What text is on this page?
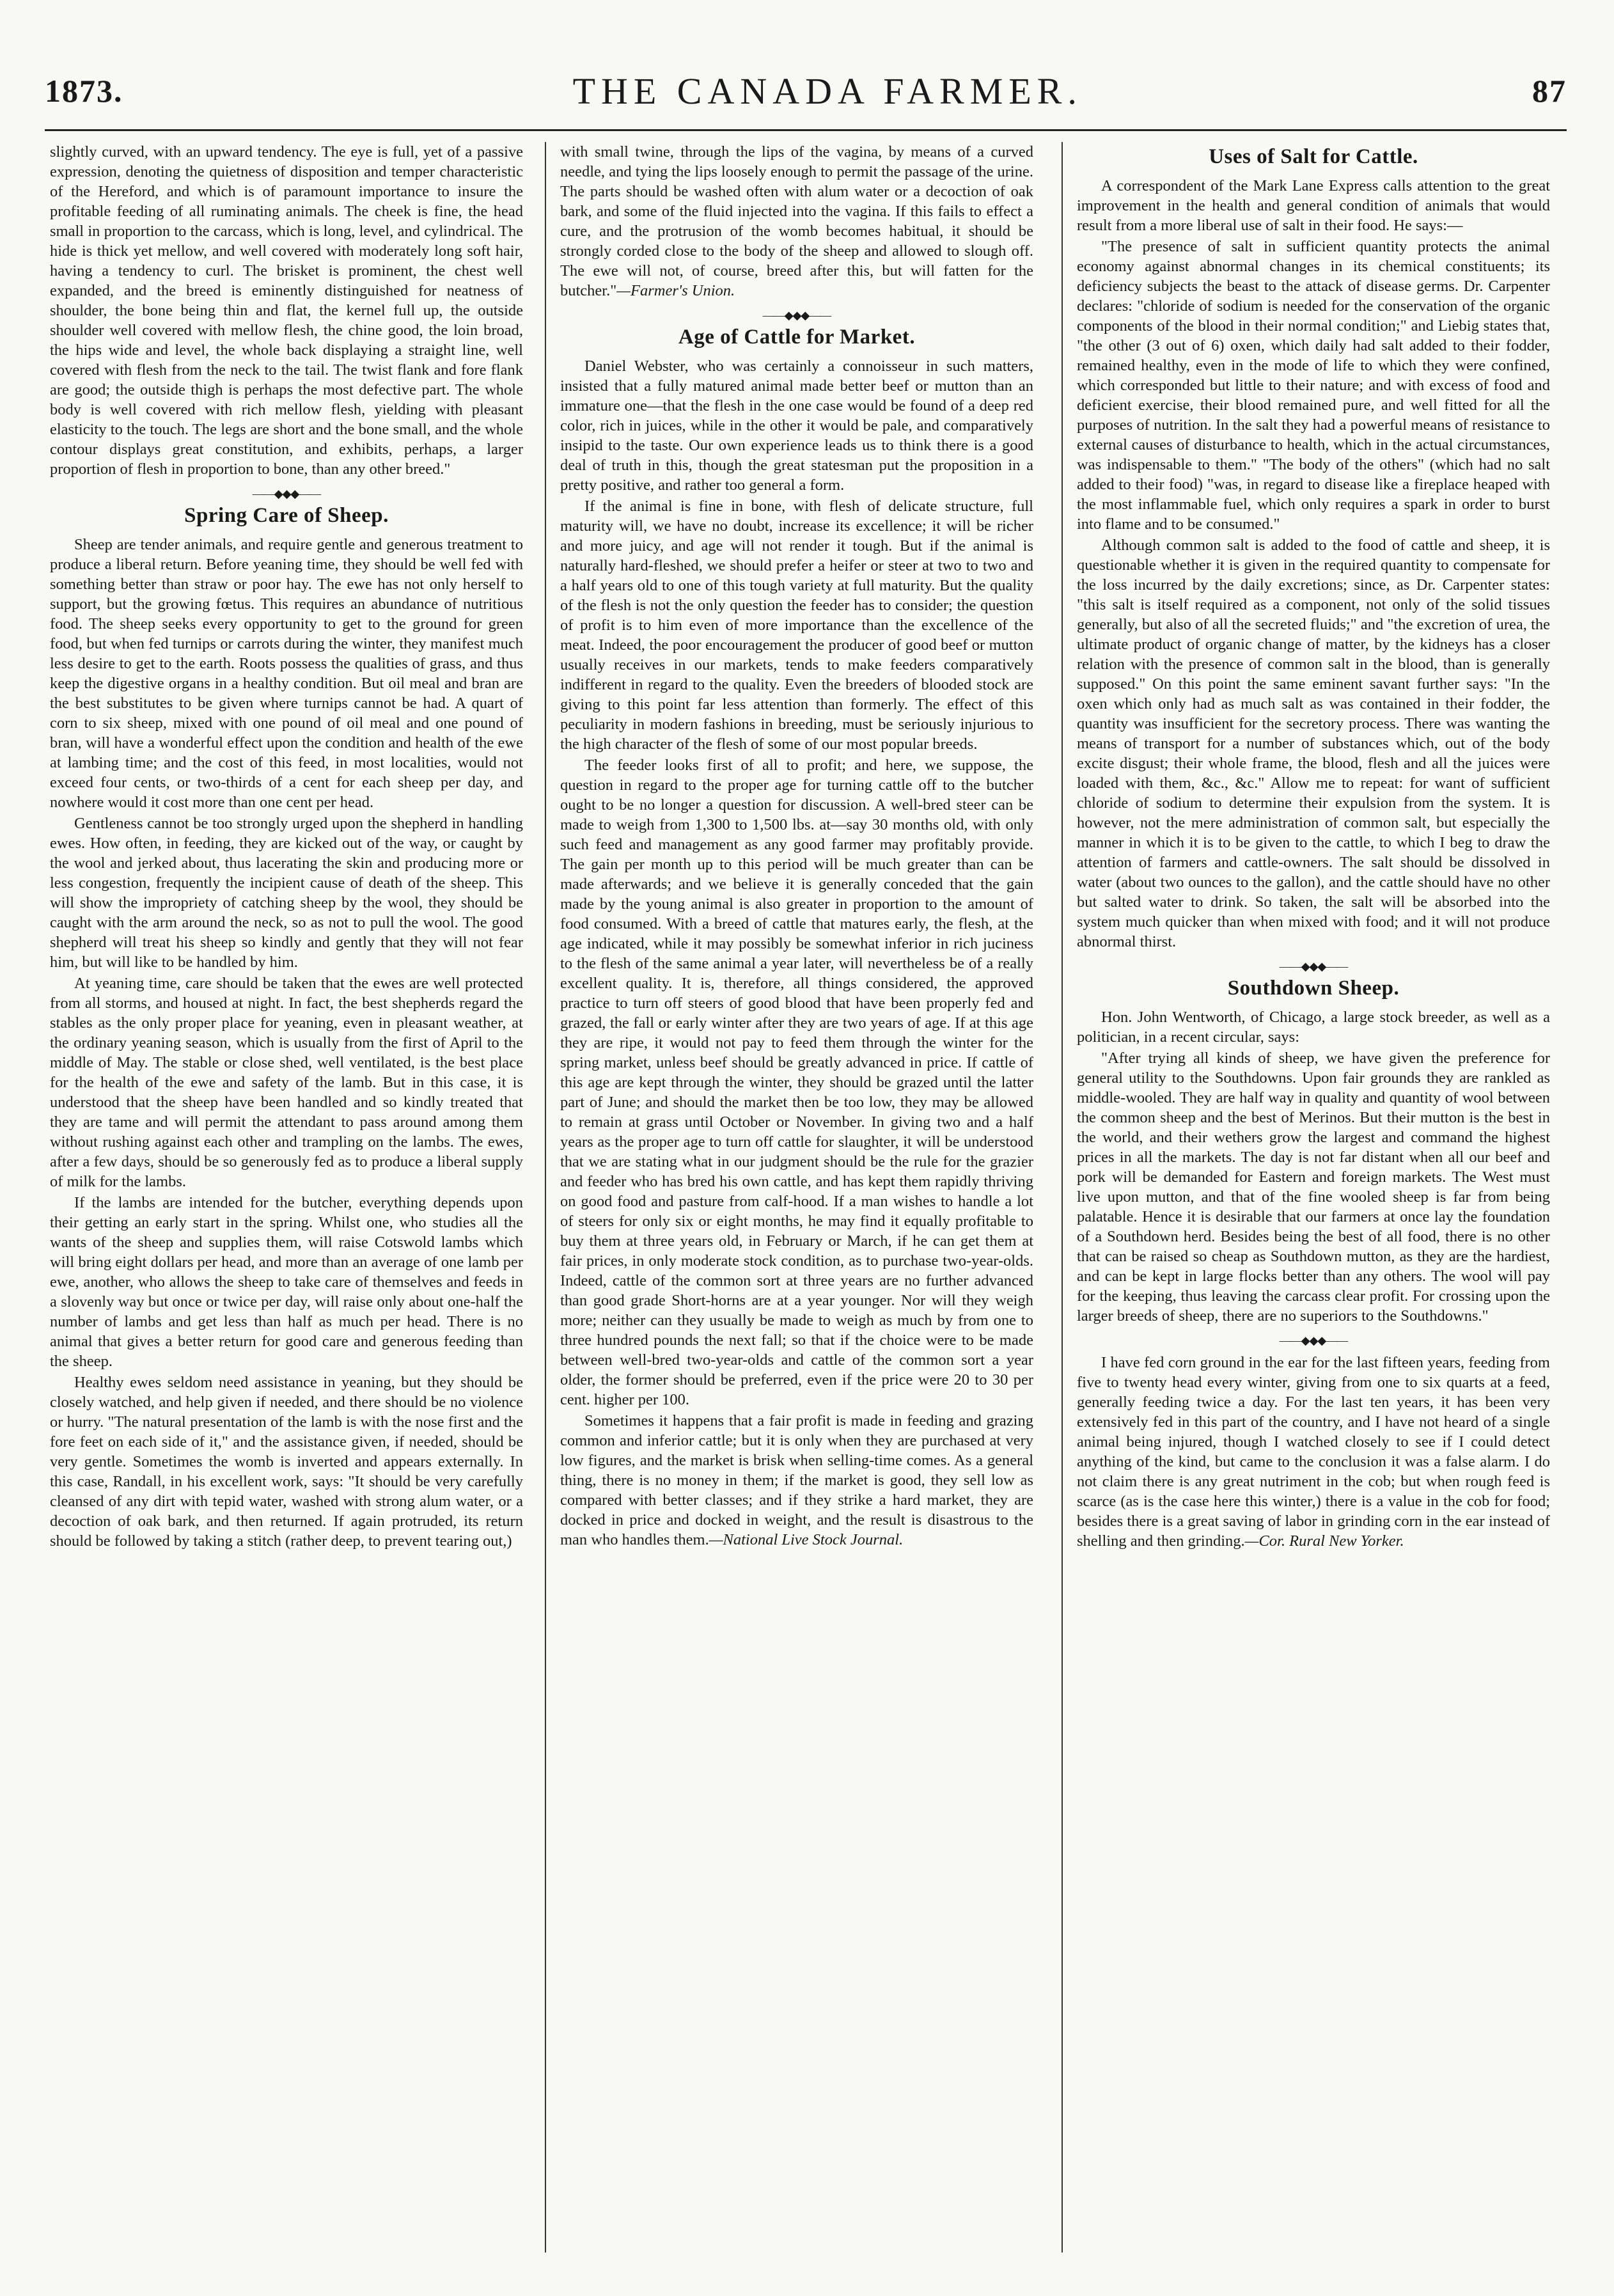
1873.	THE CANADA FARMER.	87

slightly curved, with an upward tendency. The eye is full, yet of a passive expression, denoting the quietness of disposition and temper characteristic of the Hereford, and which is of paramount importance to insure the profitable feeding of all ruminating animals. The cheek is fine, the head small in proportion to the carcass, which is long, level, and cylindrical. The hide is thick yet mellow, and well covered with moderately long soft hair, having a tendency to curl. The brisket is prominent, the chest well expanded, and the breed is eminently distinguished for neatness of shoulder, the bone being thin and flat, the kernel full up, the outside shoulder well covered with mellow flesh, the chine good, the loin broad, the hips wide and level, the whole back displaying a straight line, well covered with flesh from the neck to the tail. The twist flank and fore flank are good; the outside thigh is perhaps the most defective part. The whole body is well covered with rich mellow flesh, yielding with pleasant elasticity to the touch. The legs are short and the bone small, and the whole contour displays great constitution, and exhibits, perhaps, a larger proportion of flesh in proportion to bone, than any other breed."

——◆◆◆——
Spring Care of Sheep.

Sheep are tender animals, and require gentle and generous treatment to produce a liberal return. Before yeaning time, they should be well fed with something better than straw or poor hay. The ewe has not only herself to support, but the growing fœtus. This requires an abundance of nutritious food. The sheep seeks every opportunity to get to the ground for green food, but when fed turnips or carrots during the winter, they manifest much less desire to get to the earth. Roots possess the qualities of grass, and thus keep the digestive organs in a healthy condition. But oil meal and bran are the best substitutes to be given where turnips cannot be had. A quart of corn to six sheep, mixed with one pound of oil meal and one pound of bran, will have a wonderful effect upon the condition and health of the ewe at lambing time; and the cost of this feed, in most localities, would not exceed four cents, or two-thirds of a cent for each sheep per day, and nowhere would it cost more than one cent per head.

Gentleness cannot be too strongly urged upon the shepherd in handling ewes. How often, in feeding, they are kicked out of the way, or caught by the wool and jerked about, thus lacerating the skin and producing more or less congestion, frequently the incipient cause of death of the sheep. This will show the impropriety of catching sheep by the wool, they should be caught with the arm around the neck, so as not to pull the wool. The good shepherd will treat his sheep so kindly and gently that they will not fear him, but will like to be handled by him.

At yeaning time, care should be taken that the ewes are well protected from all storms, and housed at night. In fact, the best shepherds regard the stables as the only proper place for yeaning, even in pleasant weather, at the ordinary yeaning season, which is usually from the first of April to the middle of May. The stable or close shed, well ventilated, is the best place for the health of the ewe and safety of the lamb. But in this case, it is understood that the sheep have been handled and so kindly treated that they are tame and will permit the attendant to pass around among them without rushing against each other and trampling on the lambs. The ewes, after a few days, should be so generously fed as to produce a liberal supply of milk for the lambs.

If the lambs are intended for the butcher, everything depends upon their getting an early start in the spring. Whilst one, who studies all the wants of the sheep and supplies them, will raise Cotswold lambs which will bring eight dollars per head, and more than an average of one lamb per ewe, another, who allows the sheep to take care of themselves and feeds in a slovenly way but once or twice per day, will raise only about one-half the number of lambs and get less than half as much per head. There is no animal that gives a better return for good care and generous feeding than the sheep.

Healthy ewes seldom need assistance in yeaning, but they should be closely watched, and help given if needed, and there should be no violence or hurry. "The natural presentation of the lamb is with the nose first and the fore feet on each side of it," and the assistance given, if needed, should be very gentle. Sometimes the womb is inverted and appears externally. In this case, Randall, in his excellent work, says: "It should be very carefully cleansed of any dirt with tepid water, washed with strong alum water, or a decoction of oak bark, and then returned. If again protruded, its return should be followed by taking a stitch (rather deep, to prevent tearing out,)

with small twine, through the lips of the vagina, by means of a curved needle, and tying the lips loosely enough to permit the passage of the urine. The parts should be washed often with alum water or a decoction of oak bark, and some of the fluid injected into the vagina. If this fails to effect a cure, and the protrusion of the womb becomes habitual, it should be strongly corded close to the body of the sheep and allowed to slough off. The ewe will not, of course, breed after this, but will fatten for the butcher."—Farmer's Union.

——◆◆◆——
Age of Cattle for Market.

Daniel Webster, who was certainly a connoisseur in such matters, insisted that a fully matured animal made better beef or mutton than an immature one—that the flesh in the one case would be found of a deep red color, rich in juices, while in the other it would be pale, and comparatively insipid to the taste. Our own experience leads us to think there is a good deal of truth in this, though the great statesman put the proposition in a pretty positive, and rather too general a form.

If the animal is fine in bone, with flesh of delicate structure, full maturity will, we have no doubt, increase its excellence; it will be richer and more juicy, and age will not render it tough. But if the animal is naturally hard-fleshed, we should prefer a heifer or steer at two to two and a half years old to one of this tough variety at full maturity. But the quality of the flesh is not the only question the feeder has to consider; the question of profit is to him even of more importance than the excellence of the meat. Indeed, the poor encouragement the producer of good beef or mutton usually receives in our markets, tends to make feeders comparatively indifferent in regard to the quality. Even the breeders of blooded stock are giving to this point far less attention than formerly. The effect of this peculiarity in modern fashions in breeding, must be seriously injurious to the high character of the flesh of some of our most popular breeds.

The feeder looks first of all to profit; and here, we suppose, the question in regard to the proper age for turning cattle off to the butcher ought to be no longer a question for discussion. A well-bred steer can be made to weigh from 1,300 to 1,500 lbs. at—say 30 months old, with only such feed and management as any good farmer may profitably provide. The gain per month up to this period will be much greater than can be made afterwards; and we believe it is generally conceded that the gain made by the young animal is also greater in proportion to the amount of food consumed. With a breed of cattle that matures early, the flesh, at the age indicated, while it may possibly be somewhat inferior in rich juciness to the flesh of the same animal a year later, will nevertheless be of a really excellent quality. It is, therefore, all things considered, the approved practice to turn off steers of good blood that have been properly fed and grazed, the fall or early winter after they are two years of age. If at this age they are ripe, it would not pay to feed them through the winter for the spring market, unless beef should be greatly advanced in price. If cattle of this age are kept through the winter, they should be grazed until the latter part of June; and should the market then be too low, they may be allowed to remain at grass until October or November. In giving two and a half years as the proper age to turn off cattle for slaughter, it will be understood that we are stating what in our judgment should be the rule for the grazier and feeder who has bred his own cattle, and has kept them rapidly thriving on good food and pasture from calf-hood. If a man wishes to handle a lot of steers for only six or eight months, he may find it equally profitable to buy them at three years old, in February or March, if he can get them at fair prices, in only moderate stock condition, as to purchase two-year-olds. Indeed, cattle of the common sort at three years are no further advanced than good grade Short-horns are at a year younger. Nor will they weigh more; neither can they usually be made to weigh as much by from one to three hundred pounds the next fall; so that if the choice were to be made between well-bred two-year-olds and cattle of the common sort a year older, the former should be preferred, even if the price were 20 to 30 per cent. higher per 100.

Sometimes it happens that a fair profit is made in feeding and grazing common and inferior cattle; but it is only when they are purchased at very low figures, and the market is brisk when selling-time comes. As a general thing, there is no money in them; if the market is good, they sell low as compared with better classes; and if they strike a hard market, they are docked in price and docked in weight, and the result is disastrous to the man who handles them.—National Live Stock Journal.

Uses of Salt for Cattle.

A correspondent of the Mark Lane Express calls attention to the great improvement in the health and general condition of animals that would result from a more liberal use of salt in their food. He says:—

"The presence of salt in sufficient quantity protects the animal economy against abnormal changes in its chemical constituents; its deficiency subjects the beast to the attack of disease germs. Dr. Carpenter declares: "chloride of sodium is needed for the conservation of the organic components of the blood in their normal condition;" and Liebig states that, "the other (3 out of 6) oxen, which daily had salt added to their fodder, remained healthy, even in the mode of life to which they were confined, which corresponded but little to their nature; and with excess of food and deficient exercise, their blood remained pure, and well fitted for all the purposes of nutrition. In the salt they had a powerful means of resistance to external causes of disturbance to health, which in the actual circumstances, was indispensable to them." "The body of the others" (which had no salt added to their food) "was, in regard to disease like a fireplace heaped with the most inflammable fuel, which only requires a spark in order to burst into flame and to be consumed."

Although common salt is added to the food of cattle and sheep, it is questionable whether it is given in the required quantity to compensate for the loss incurred by the daily excretions; since, as Dr. Carpenter states: "this salt is itself required as a component, not only of the solid tissues generally, but also of all the secreted fluids;" and "the excretion of urea, the ultimate product of organic change of matter, by the kidneys has a closer relation with the presence of common salt in the blood, than is generally supposed." On this point the same eminent savant further says: "In the oxen which only had as much salt as was contained in their fodder, the quantity was insufficient for the secretory process. There was wanting the means of transport for a number of substances which, out of the body excite disgust; their whole frame, the blood, flesh and all the juices were loaded with them, &c., &c." Allow me to repeat: for want of sufficient chloride of sodium to determine their expulsion from the system. It is however, not the mere administration of common salt, but especially the manner in which it is to be given to the cattle, to which I beg to draw the attention of farmers and cattle-owners. The salt should be dissolved in water (about two ounces to the gallon), and the cattle should have no other but salted water to drink. So taken, the salt will be absorbed into the system much quicker than when mixed with food; and it will not produce abnormal thirst.

——◆◆◆——
Southdown Sheep.

Hon. John Wentworth, of Chicago, a large stock breeder, as well as a politician, in a recent circular, says:

"After trying all kinds of sheep, we have given the preference for general utility to the Southdowns. Upon fair grounds they are rankled as middle-wooled. They are half way in quality and quantity of wool between the common sheep and the best of Merinos. But their mutton is the best in the world, and their wethers grow the largest and command the highest prices in all the markets. The day is not far distant when all our beef and pork will be demanded for Eastern and foreign markets. The West must live upon mutton, and that of the fine wooled sheep is far from being palatable. Hence it is desirable that our farmers at once lay the foundation of a Southdown herd. Besides being the best of all food, there is no other that can be raised so cheap as Southdown mutton, as they are the hardiest, and can be kept in large flocks better than any others. The wool will pay for the keeping, thus leaving the carcass clear profit. For crossing upon the larger breeds of sheep, there are no superiors to the Southdowns."

——◆◆◆——

I have fed corn ground in the ear for the last fifteen years, feeding from five to twenty head every winter, giving from one to six quarts at a feed, generally feeding twice a day. For the last ten years, it has been very extensively fed in this part of the country, and I have not heard of a single animal being injured, though I watched closely to see if I could detect anything of the kind, but came to the conclusion it was a false alarm. I do not claim there is any great nutriment in the cob; but when rough feed is scarce (as is the case here this winter,) there is a value in the cob for food; besides there is a great saving of labor in grinding corn in the ear instead of shelling and then grinding.—Cor. Rural New Yorker.
